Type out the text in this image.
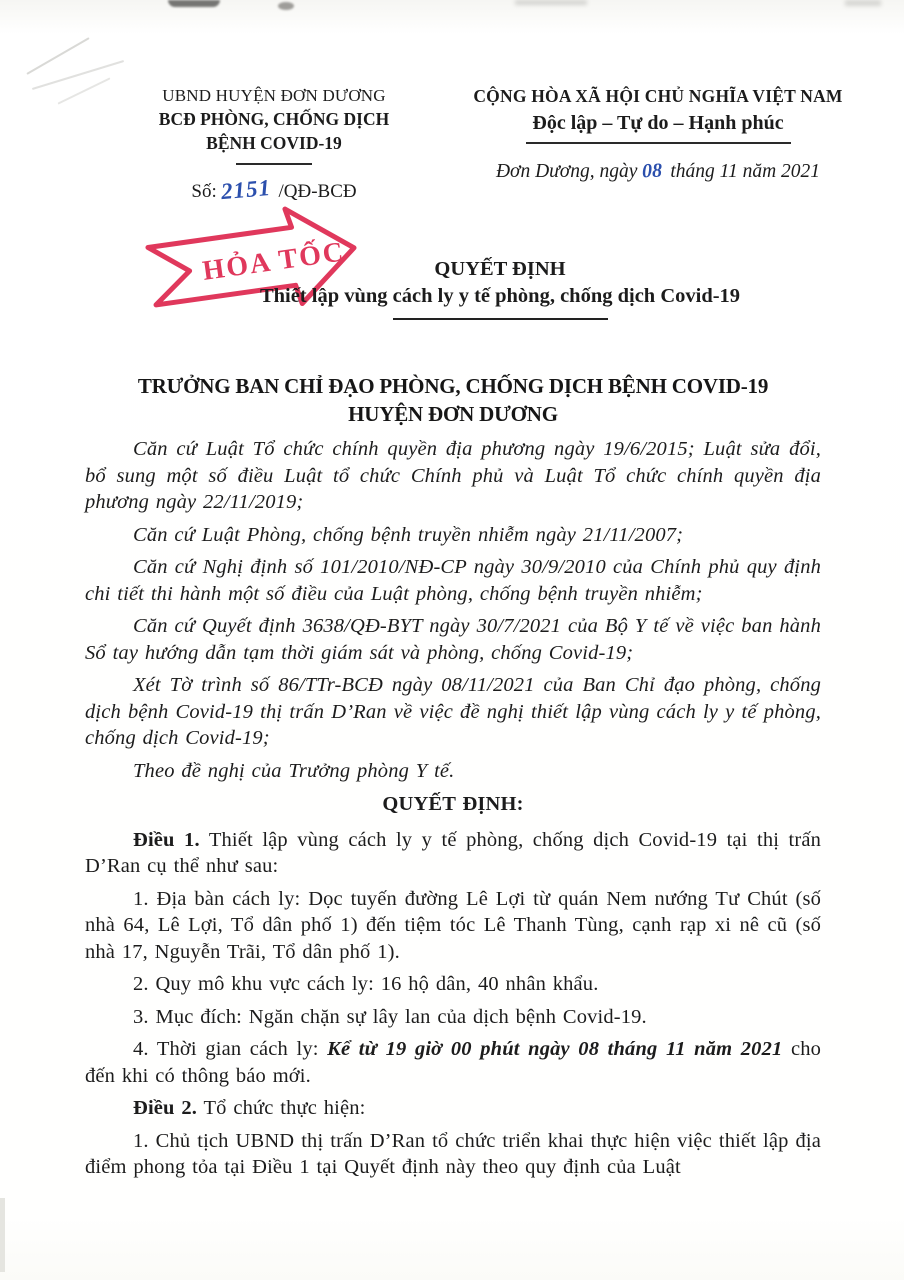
UBND HUYỆN ĐƠN DƯƠNG
BCĐ PHÒNG, CHỐNG DỊCH
BỆNH COVID-19
Số: 2151 /QĐ-BCĐ
CỘNG HÒA XÃ HỘI CHỦ NGHĨA VIỆT NAM
Độc lập – Tự do – Hạnh phúc
Đơn Dương, ngày 08 tháng 11 năm 2021
HỎA TỐC	QUYẾT ĐỊNH
Thiết lập vùng cách ly y tế phòng, chống dịch Covid-19
TRƯỞNG BAN CHỈ ĐẠO PHÒNG, CHỐNG DỊCH BỆNH COVID-19
HUYỆN ĐƠN DƯƠNG

Căn cứ Luật Tổ chức chính quyền địa phương ngày 19/6/2015; Luật sửa đổi, bổ sung một số điều Luật tổ chức Chính phủ và Luật Tổ chức chính quyền địa phương ngày 22/11/2019;

Căn cứ Luật Phòng, chống bệnh truyền nhiễm ngày 21/11/2007;

Căn cứ Nghị định số 101/2010/NĐ-CP ngày 30/9/2010 của Chính phủ quy định chi tiết thi hành một số điều của Luật phòng, chống bệnh truyền nhiễm;

Căn cứ Quyết định 3638/QĐ-BYT ngày 30/7/2021 của Bộ Y tế về việc ban hành Sổ tay hướng dẫn tạm thời giám sát và phòng, chống Covid-19;

Xét Tờ trình số 86/TTr-BCĐ ngày 08/11/2021 của Ban Chỉ đạo phòng, chống dịch bệnh Covid-19 thị trấn D’Ran về việc đề nghị thiết lập vùng cách ly y tế phòng, chống dịch Covid-19;

Theo đề nghị của Trưởng phòng Y tế.

QUYẾT ĐỊNH:

Điều 1. Thiết lập vùng cách ly y tế phòng, chống dịch Covid-19 tại thị trấn D’Ran cụ thể như sau:

1. Địa bàn cách ly: Dọc tuyến đường Lê Lợi từ quán Nem nướng Tư Chút (số nhà 64, Lê Lợi, Tổ dân phố 1) đến tiệm tóc Lê Thanh Tùng, cạnh rạp xi nê cũ (số nhà 17, Nguyễn Trãi, Tổ dân phố 1).

2. Quy mô khu vực cách ly: 16 hộ dân, 40 nhân khẩu.

3. Mục đích: Ngăn chặn sự lây lan của dịch bệnh Covid-19.

4. Thời gian cách ly: Kể từ 19 giờ 00 phút ngày 08 tháng 11 năm 2021 cho đến khi có thông báo mới.

Điều 2. Tổ chức thực hiện:

1. Chủ tịch UBND thị trấn D’Ran tổ chức triển khai thực hiện việc thiết lập địa điểm phong tỏa tại Điều 1 tại Quyết định này theo quy định của Luật
